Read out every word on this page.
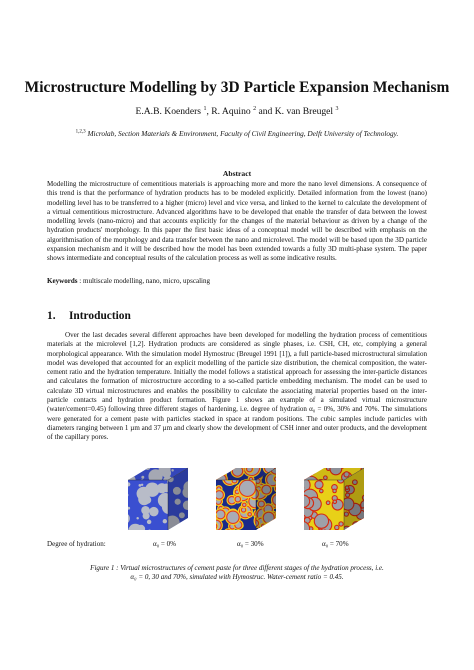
Microstructure Modelling by 3D Particle Expansion Mechanism
E.A.B. Koenders $^1$, R. Aquino $^2$ and K. van Breugel $^3$
$^{1,2,3}$ Microlab, Section Materials & Environment, Faculty of Civil Engineering, Delft University of Technology.
Abstract
Modelling the microstructure of cementitious materials is approaching more and more the nano level dimensions. A consequence of this trend is that the performance of hydration products has to be modeled explicitly. Detailed information from the lowest (nano) modelling level has to be transferred to a higher (micro) level and vice versa, and linked to the kernel to calculate the development of a virtual cementitious microstructure. Advanced algorithms have to be developed that enable the transfer of data between the lowest modelling levels (nano-micro) and that accounts explicitly for the changes of the material behaviour as driven by a change of the hydration products' morphology. In this paper the first basic ideas of a conceptual model will be described with emphasis on the algorithmisation of the morphology and data transfer between the nano and microlevel. The model will be based upon the 3D particle expansion mechanism and it will be described how the model has been extended towards a fully 3D multi-phase system. The paper shows intermediate and conceptual results of the calculation process as well as some indicative results.
Keywords : multiscale modelling, nano, micro, upscaling
1. Introduction
Over the last decades several different approaches have been developed for modelling the hydration process of cementitious materials at the microlevel [1,2]. Hydration products are considered as single phases, i.e. CSH, CH, etc, complying a general morphological appearance. With the simulation model Hymostruc (Breugel 1991 [1]), a full particle-based microstructural simulation model was developed that accounted for an explicit modelling of the particle size distribution, the chemical composition, the water-cement ratio and the hydration temperature. Initially the model follows a statistical approach for assessing the inter-particle distances and calculates the formation of microstructure according to a so-called particle embedding mechanism. The model can be used to calculate 3D virtual microstructures and enables the possibility to calculate the associating material properties based on the inter-particle contacts and hydration product formation. Figure 1 shows an example of a simulated virtual microstructure (water/cement=0.45) following three different stages of hardening, i.e. degree of hydration α₀ = 0%, 30% and 70%. The simulations were generated for a cement paste with particles stacked in space at random positions. The cubic samples include particles with diameters ranging between 1 µm and 37 µm and clearly show the development of CSH inner and outer products, and the development of the capillary pores.
Degree of hydration:	α₀ = 0%	α₀ = 30%	α₀ = 70%
Figure 1 : Virtual microstructures of cement paste for three different stages of the hydration process, i.e. α₀ = 0, 30 and 70%, simulated with Hymostruc. Water-cement ratio = 0.45.
